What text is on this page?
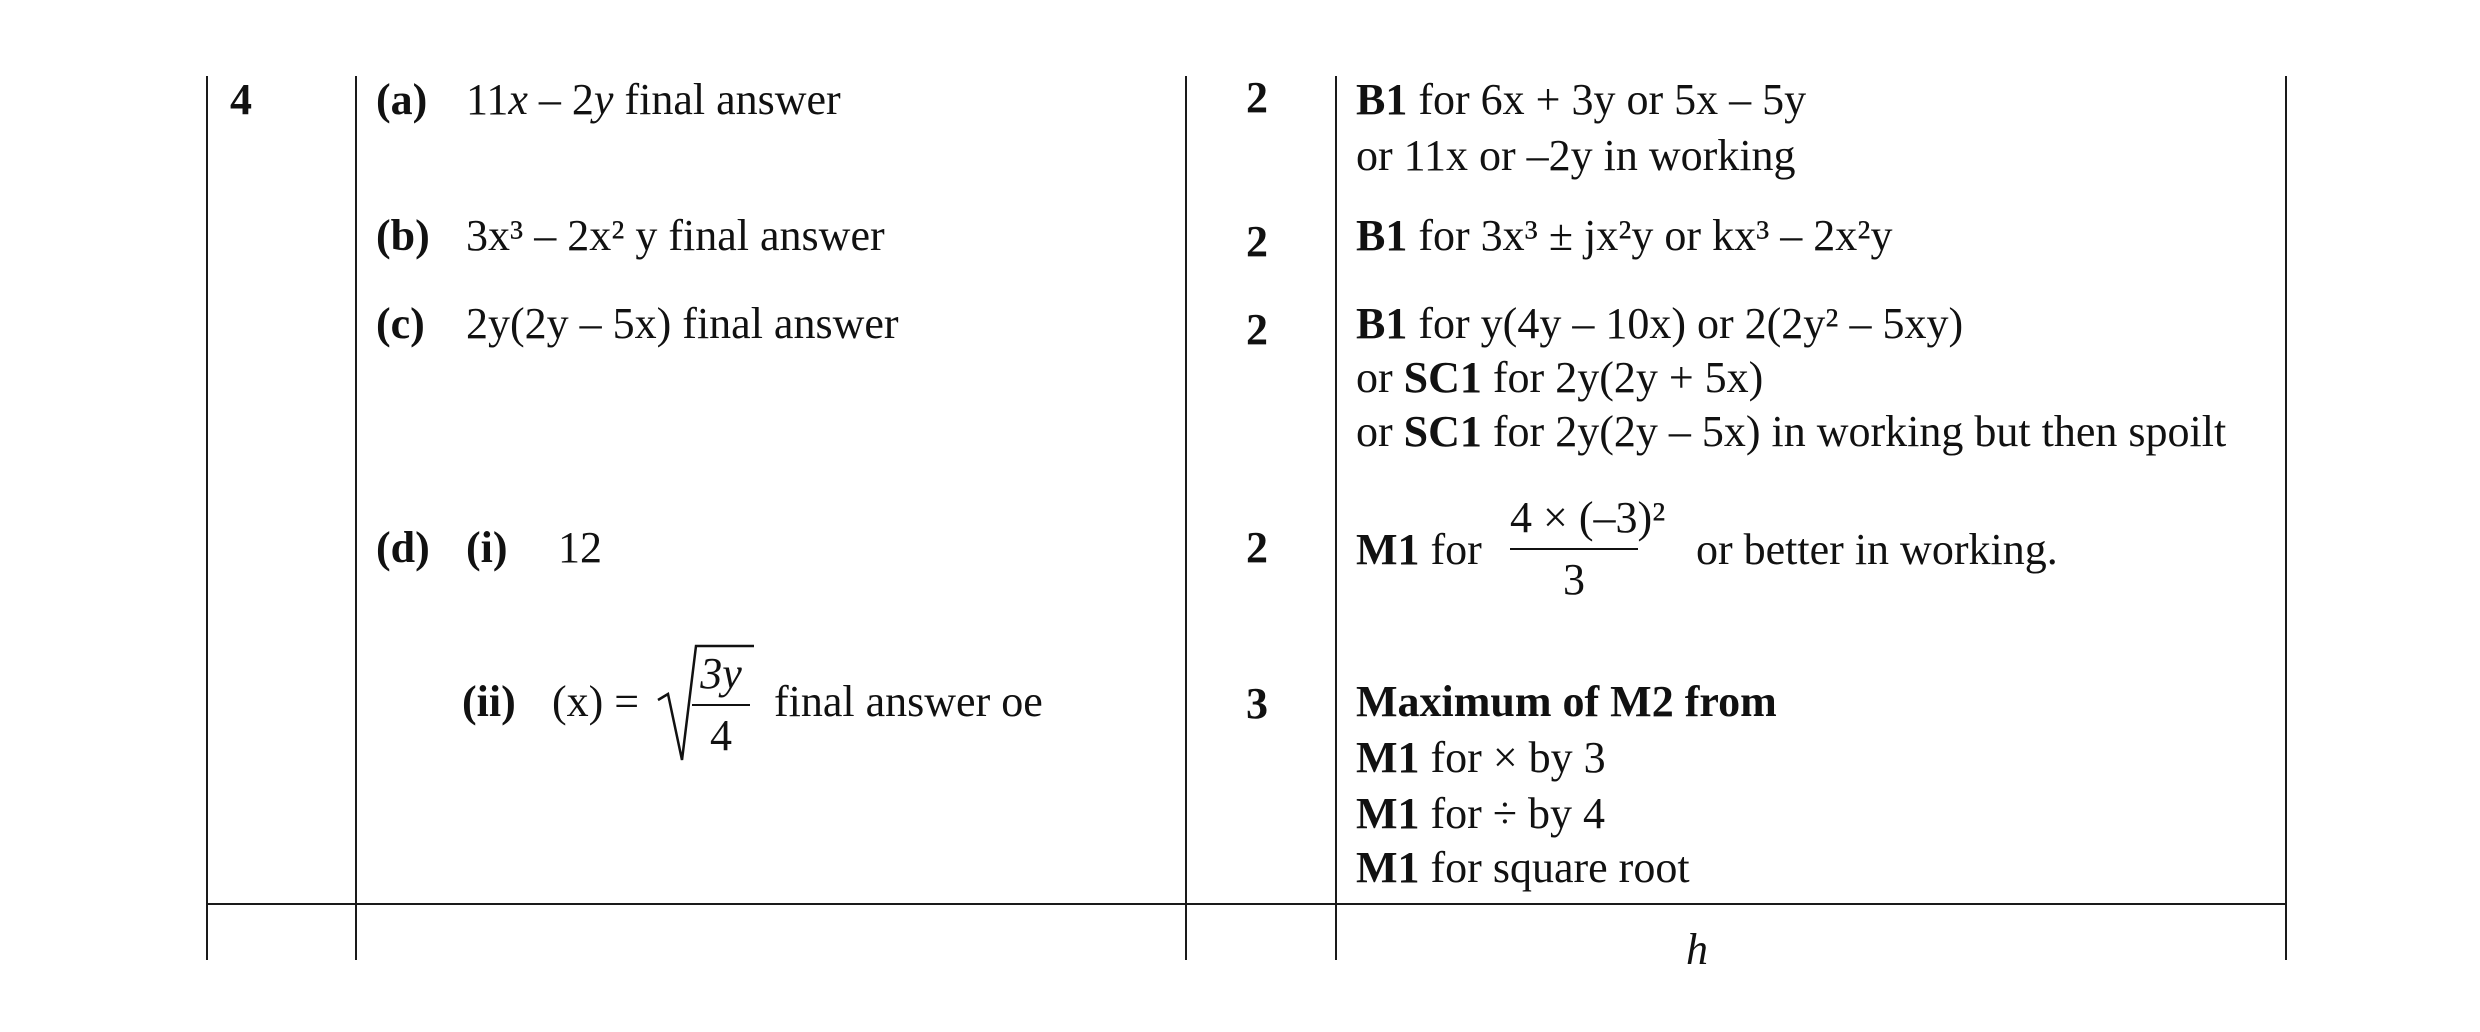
4	(a) 11x – 2y final answer	2 B1 for 6x + 3y or 5x – 5y
or 11x or –2y in working
(b) 3x³ – 2x² y final answer	2 B1 for 3x³ ± jx²y or kx³ – 2x²y
(c) 2y(2y – 5x) final answer	2 B1 for y(4y – 10x) or 2(2y² – 5xy)
or SC1 for 2y(2y + 5x)
or SC1 for 2y(2y – 5x) in working but then spoilt
(d) (i) 12	2 M1 for
4 × (–3)²
3
or better in working.
(ii) (x) =
3y
4
final answer oe	3 Maximum of M2 from
M1 for × by 3
M1 for ÷ by 4
M1 for square root
h
